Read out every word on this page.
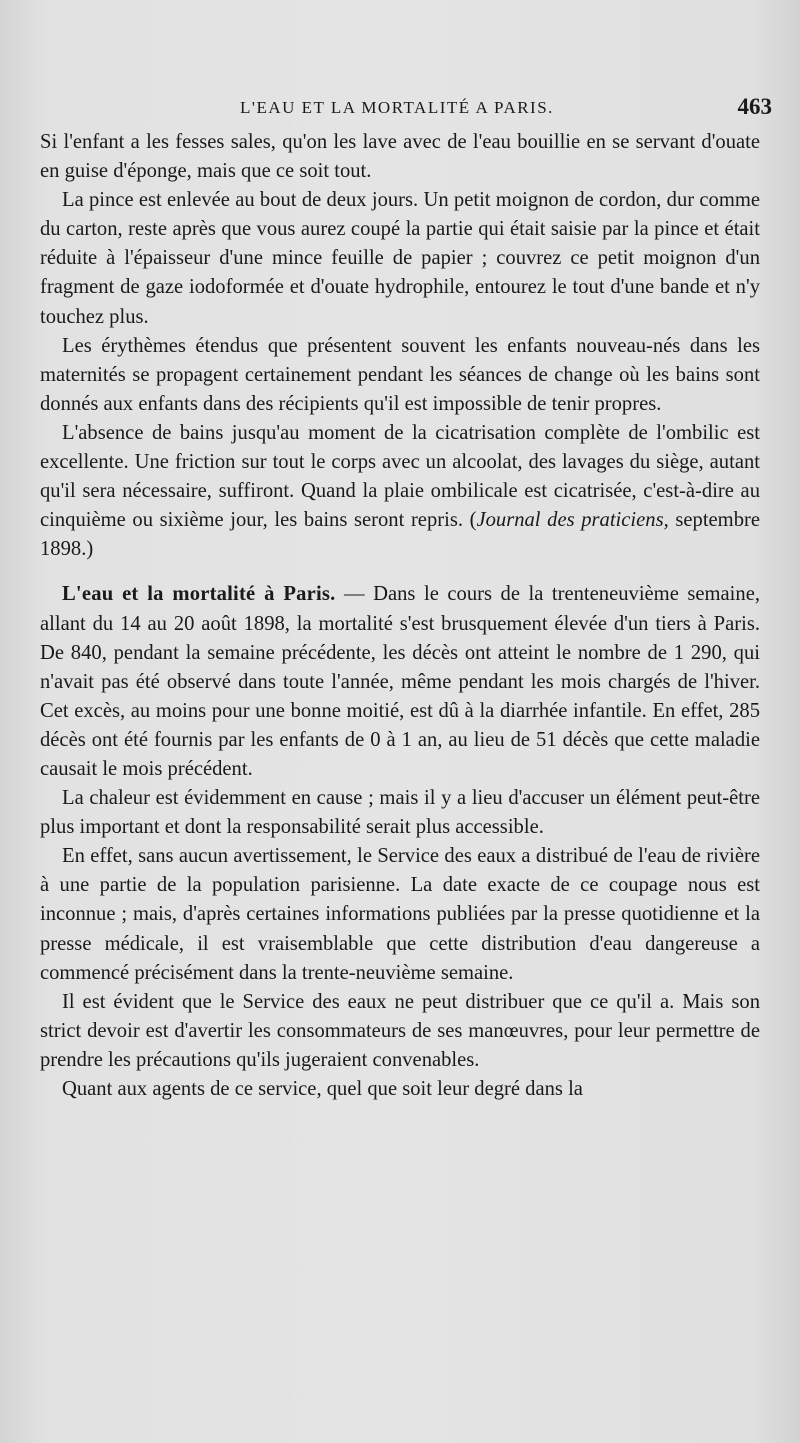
L'EAU ET LA MORTALITÉ A PARIS.	463

Si l'enfant a les fesses sales, qu'on les lave avec de l'eau bouillie en se servant d'ouate en guise d'éponge, mais que ce soit tout.

La pince est enlevée au bout de deux jours. Un petit moignon de cordon, dur comme du carton, reste après que vous aurez coupé la partie qui était saisie par la pince et était réduite à l'épaisseur d'une mince feuille de papier ; couvrez ce petit moignon d'un fragment de gaze iodoformée et d'ouate hydrophile, entourez le tout d'une bande et n'y touchez plus.

Les érythèmes étendus que présentent souvent les enfants nouveau-nés dans les maternités se propagent certainement pendant les séances de change où les bains sont donnés aux enfants dans des récipients qu'il est impossible de tenir propres.

L'absence de bains jusqu'au moment de la cicatrisation complète de l'ombilic est excellente. Une friction sur tout le corps avec un alcoolat, des lavages du siège, autant qu'il sera nécessaire, suffiront. Quand la plaie ombilicale est cicatrisée, c'est-à-dire au cinquième ou sixième jour, les bains seront repris. (Journal des praticiens, septembre 1898.)

L'eau et la mortalité à Paris. — Dans le cours de la trenteneuvième semaine, allant du 14 au 20 août 1898, la mortalité s'est brusquement élevée d'un tiers à Paris. De 840, pendant la semaine précédente, les décès ont atteint le nombre de 1 290, qui n'avait pas été observé dans toute l'année, même pendant les mois chargés de l'hiver. Cet excès, au moins pour une bonne moitié, est dû à la diarrhée infantile. En effet, 285 décès ont été fournis par les enfants de 0 à 1 an, au lieu de 51 décès que cette maladie causait le mois précédent.

La chaleur est évidemment en cause ; mais il y a lieu d'accuser un élément peut-être plus important et dont la responsabilité serait plus accessible.

En effet, sans aucun avertissement, le Service des eaux a distribué de l'eau de rivière à une partie de la population parisienne. La date exacte de ce coupage nous est inconnue ; mais, d'après certaines informations publiées par la presse quotidienne et la presse médicale, il est vraisemblable que cette distribution d'eau dangereuse a commencé précisément dans la trente-neuvième semaine.

Il est évident que le Service des eaux ne peut distribuer que ce qu'il a. Mais son strict devoir est d'avertir les consommateurs de ses manœuvres, pour leur permettre de prendre les précautions qu'ils jugeraient convenables.

Quant aux agents de ce service, quel que soit leur degré dans la
